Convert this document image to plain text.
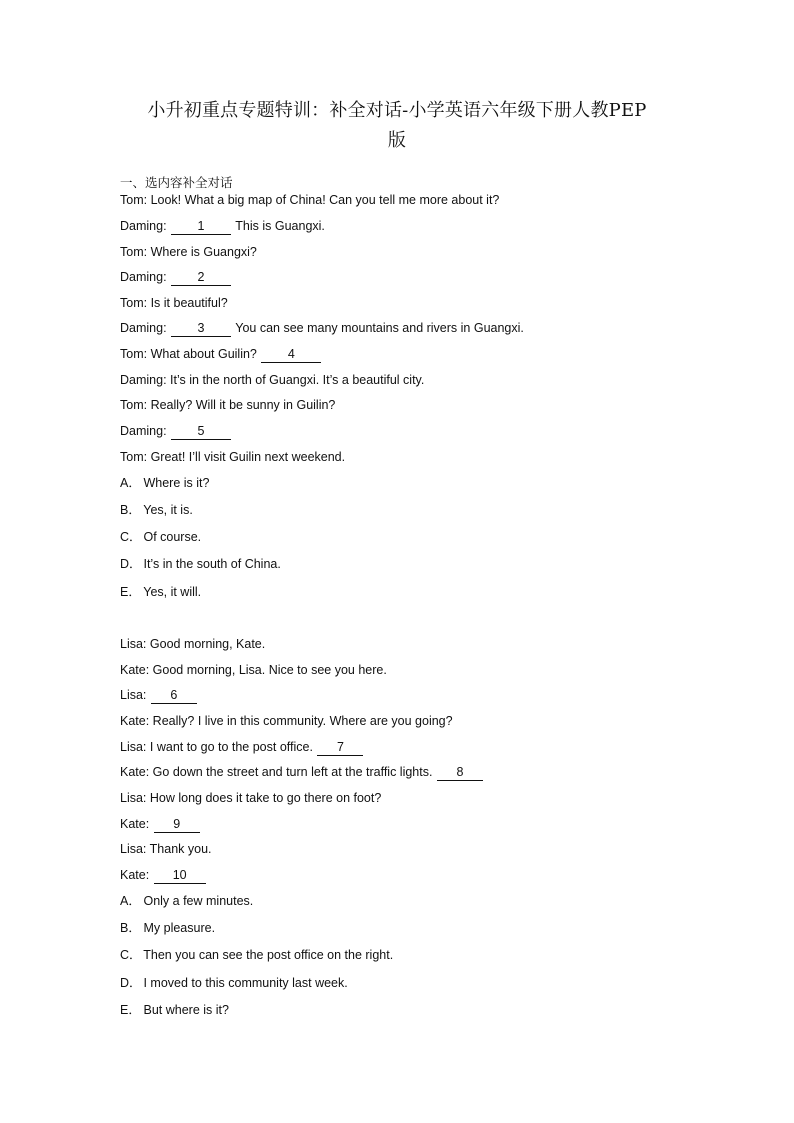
小升初重点专题特训：补全对话-小学英语六年级下册人教PEP
版
一、选内容补全对话
Tom: Look! What a big map of China! Can you tell me more about it?
Daming: 1 This is Guangxi.
Tom: Where is Guangxi?
Daming: 2
Tom: Is it beautiful?
Daming: 3 You can see many mountains and rivers in Guangxi.
Tom: What about Guilin? 4
Daming: It’s in the north of Guangxi. It’s a beautiful city.
Tom: Really? Will it be sunny in Guilin?
Daming: 5
Tom: Great! I’ll visit Guilin next weekend.
A． Where is it?
B． Yes, it is.
C． Of course.
D． It’s in the south of China.
E． Yes, it will.
Lisa: Good morning, Kate.
Kate: Good morning, Lisa. Nice to see you here.
Lisa: 6
Kate: Really? I live in this community. Where are you going?
Lisa: I want to go to the post office. 7
Kate: Go down the street and turn left at the traffic lights. 8
Lisa: How long does it take to go there on foot?
Kate: 9
Lisa: Thank you.
Kate: 10
A． Only a few minutes.
B． My pleasure.
C． Then you can see the post office on the right.
D． I moved to this community last week.
E． But where is it?
